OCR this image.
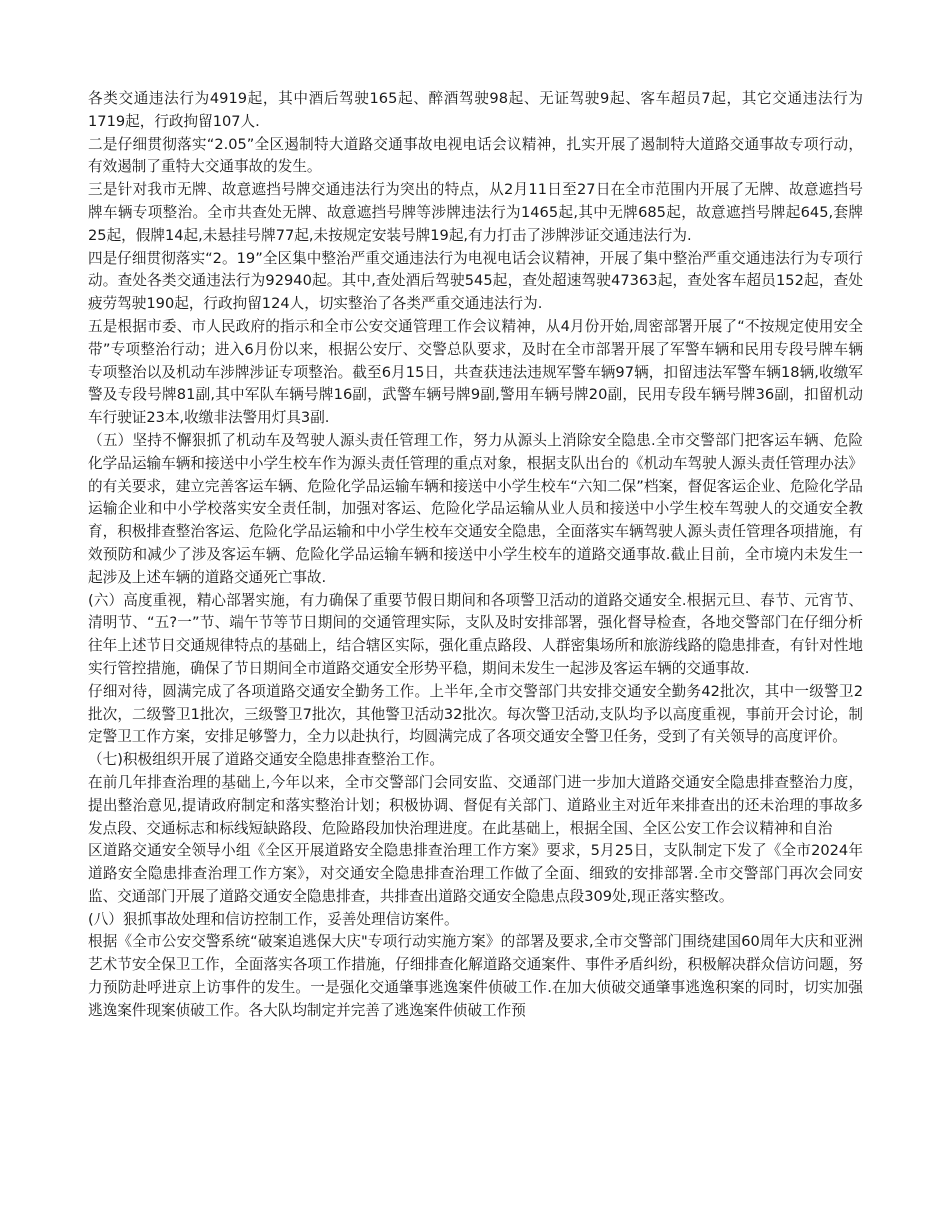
各类交通违法行为4919起，其中酒后驾驶165起、醉酒驾驶98起、无证驾驶9起、客车超员7起，其它交通违法行为1719起，行政拘留107人.

二是仔细贯彻落实“2.05”全区遏制特大道路交通事故电视电话会议精神，扎实开展了遏制特大道路交通事故专项行动，有效遏制了重特大交通事故的发生。

三是针对我市无牌、故意遮挡号牌交通违法行为突出的特点，从2月11日至27日在全市范围内开展了无牌、故意遮挡号牌车辆专项整治。全市共查处无牌、故意遮挡号牌等涉牌违法行为1465起,其中无牌685起，故意遮挡号牌起645,套牌25起，假牌14起,未悬挂号牌77起,未按规定安装号牌19起,有力打击了涉牌涉证交通违法行为.

四是仔细贯彻落实“2。19”全区集中整治严重交通违法行为电视电话会议精神，开展了集中整治严重交通违法行为专项行动。查处各类交通违法行为92940起。其中,查处酒后驾驶545起，查处超速驾驶47363起，查处客车超员152起，查处疲劳驾驶190起，行政拘留124人，切实整治了各类严重交通违法行为.

五是根据市委、市人民政府的指示和全市公安交通管理工作会议精神，从4月份开始,周密部署开展了“不按规定使用安全带”专项整治行动；进入6月份以来，根据公安厅、交警总队要求，及时在全市部署开展了军警车辆和民用专段号牌车辆专项整治以及机动车涉牌涉证专项整治。截至6月15日，共查获违法违规军警车辆97辆，扣留违法军警车辆18辆,收缴军警及专段号牌81副,其中军队车辆号牌16副，武警车辆号牌9副,警用车辆号牌20副，民用专段车辆号牌36副，扣留机动车行驶证23本,收缴非法警用灯具3副.

（五）坚持不懈狠抓了机动车及驾驶人源头责任管理工作，努力从源头上消除安全隐患.全市交警部门把客运车辆、危险化学品运输车辆和接送中小学生校车作为源头责任管理的重点对象，根据支队出台的《机动车驾驶人源头责任管理办法》的有关要求，建立完善客运车辆、危险化学品运输车辆和接送中小学生校车“六知二保”档案，督促客运企业、危险化学品运输企业和中小学校落实安全责任制，加强对客运、危险化学品运输从业人员和接送中小学生校车驾驶人的交通安全教育，积极排查整治客运、危险化学品运输和中小学生校车交通安全隐患，全面落实车辆驾驶人源头责任管理各项措施，有效预防和减少了涉及客运车辆、危险化学品运输车辆和接送中小学生校车的道路交通事故.截止目前，全市境内未发生一起涉及上述车辆的道路交通死亡事故.

(六）高度重视，精心部署实施，有力确保了重要节假日期间和各项警卫活动的道路交通安全.根据元旦、春节、元宵节、清明节、“五?一”节、端午节等节日期间的交通管理实际，支队及时安排部署，强化督导检查，各地交警部门在仔细分析往年上述节日交通规律特点的基础上，结合辖区实际，强化重点路段、人群密集场所和旅游线路的隐患排查，有针对性地实行管控措施，确保了节日期间全市道路交通安全形势平稳，期间未发生一起涉及客运车辆的交通事故.

仔细对待，圆满完成了各项道路交通安全勤务工作。上半年,全市交警部门共安排交通安全勤务42批次，其中一级警卫2批次，二级警卫1批次，三级警卫7批次，其他警卫活动32批次。每次警卫活动,支队均予以高度重视，事前开会讨论，制定警卫工作方案，安排足够警力，全力以赴执行，均圆满完成了各项交通安全警卫任务，受到了有关领导的高度评价。

（七)积极组织开展了道路交通安全隐患排查整治工作。

在前几年排查治理的基础上,今年以来，全市交警部门会同安监、交通部门进一步加大道路交通安全隐患排查整治力度，提出整治意见,提请政府制定和落实整治计划；积极协调、督促有关部门、道路业主对近年来排查出的还未治理的事故多发点段、交通标志和标线短缺路段、危险路段加快治理进度。在此基础上，根据全国、全区公安工作会议精神和自治

区道路交通安全领导小组《全区开展道路安全隐患排查治理工作方案》要求，5月25日，支队制定下发了《全市2024年道路安全隐患排查治理工作方案》，对交通安全隐患排查治理工作做了全面、细致的安排部署.全市交警部门再次会同安监、交通部门开展了道路交通安全隐患排查，共排查出道路交通安全隐患点段309处,现正落实整改。

(八）狠抓事故处理和信访控制工作，妥善处理信访案件。

根据《全市公安交警系统“破案追逃保大庆"专项行动实施方案》的部署及要求,全市交警部门围绕建国60周年大庆和亚洲艺术节安全保卫工作，全面落实各项工作措施，仔细排查化解道路交通案件、事件矛盾纠纷，积极解决群众信访问题，努力预防赴呼进京上访事件的发生。一是强化交通肇事逃逸案件侦破工作.在加大侦破交通肇事逃逸积案的同时，切实加强逃逸案件现案侦破工作。各大队均制定并完善了逃逸案件侦破工作预
